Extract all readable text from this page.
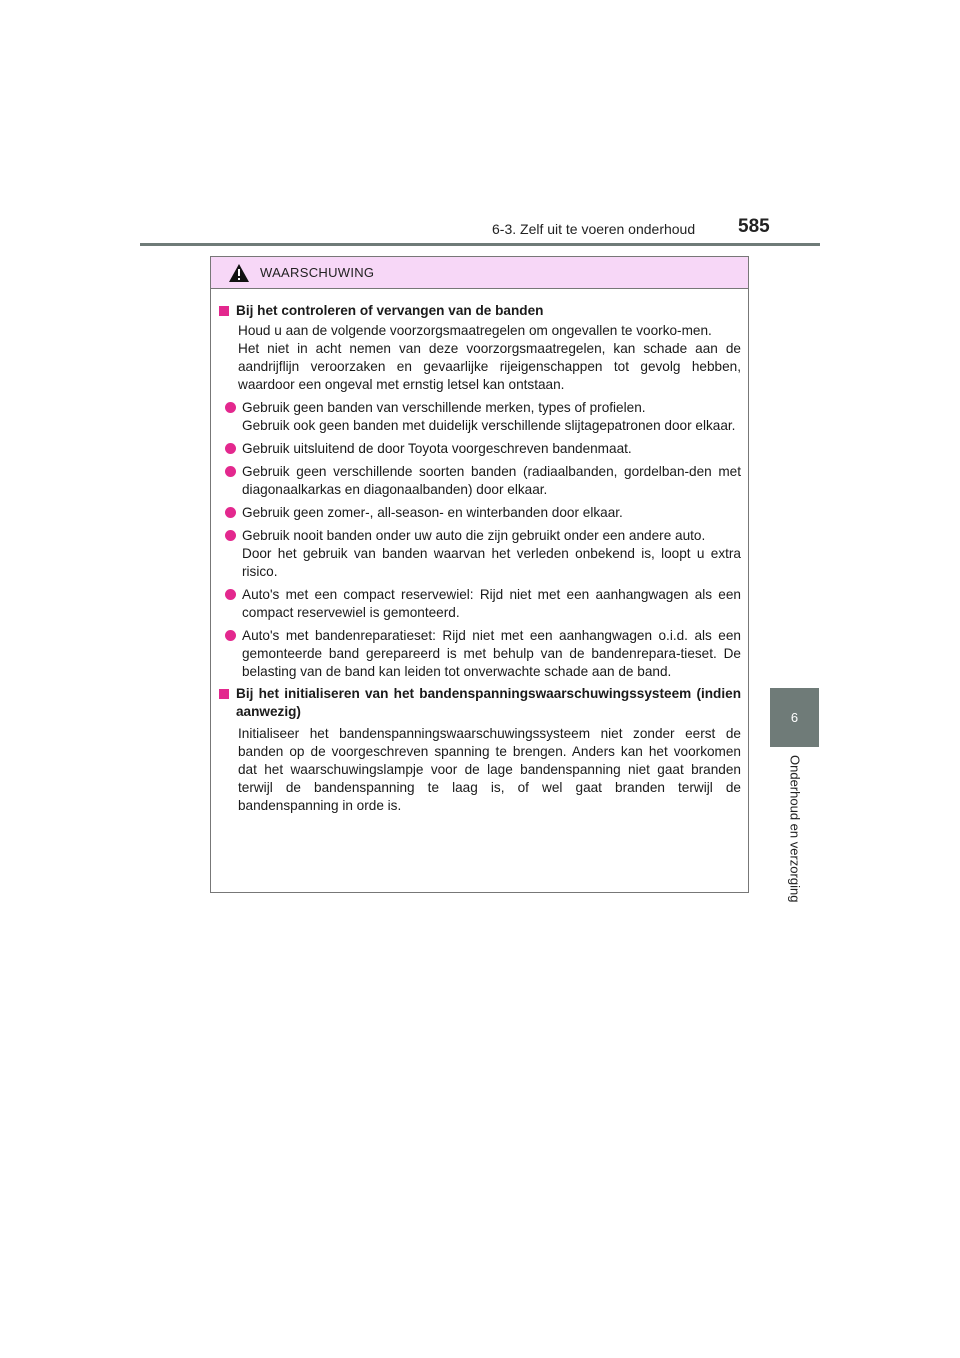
6-3. Zelf uit te voeren onderhoud 585
6
Onderhoud en verzorging
WAARSCHUWING
Bij het controleren of vervangen van de banden
Houd u aan de volgende voorzorgsmaatregelen om ongevallen te voorko-men.
Het niet in acht nemen van deze voorzorgsmaatregelen, kan schade aan de aandrijflijn veroorzaken en gevaarlijke rijeigenschappen tot gevolg hebben, waardoor een ongeval met ernstig letsel kan ontstaan.
Gebruik geen banden van verschillende merken, types of profielen.
Gebruik ook geen banden met duidelijk verschillende slijtagepatronen door elkaar.
Gebruik uitsluitend de door Toyota voorgeschreven bandenmaat.
Gebruik geen verschillende soorten banden (radiaalbanden, gordelban-den met diagonaalkarkas en diagonaalbanden) door elkaar.
Gebruik geen zomer-, all-season- en winterbanden door elkaar.
Gebruik nooit banden onder uw auto die zijn gebruikt onder een andere auto.
Door het gebruik van banden waarvan het verleden onbekend is, loopt u extra risico.
Auto's met een compact reservewiel: Rijd niet met een aanhangwagen als een compact reservewiel is gemonteerd.
Auto's met bandenreparatieset: Rijd niet met een aanhangwagen o.i.d. als een gemonteerde band gerepareerd is met behulp van de bandenrepara-tieset. De belasting van de band kan leiden tot onverwachte schade aan de band.
Bij het initialiseren van het bandenspanningswaarschuwingssysteem (indien aanwezig)
Initialiseer het bandenspanningswaarschuwingssysteem niet zonder eerst de banden op de voorgeschreven spanning te brengen. Anders kan het voorkomen dat het waarschuwingslampje voor de lage bandenspanning niet gaat branden terwijl de bandenspanning te laag is, of wel gaat branden terwijl de bandenspanning in orde is.
